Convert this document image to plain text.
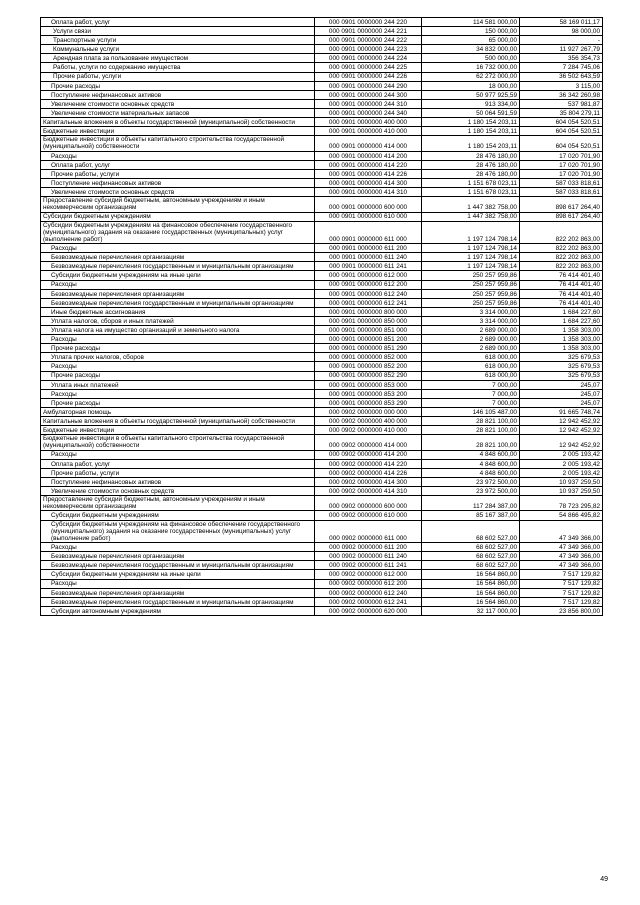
Оплата работ, услуг	000 0901 0000000 244 220	114 581 000,00	58 169 011,17
Услуги связи	000 0901 0000000 244 221	150 000,00	98 000,00
Транспортные услуги	000 0901 0000000 244 222	65 000,00	-
Коммунальные услуги	000 0901 0000000 244 223	34 832 000,00	11 927 267,79
Арендная плата за пользование имуществом	000 0901 0000000 244 224	500 000,00	356 354,73
Работы, услуги по содержанию имущества	000 0901 0000000 244 225	16 732 000,00	7 284 745,06
Прочие работы, услуги	000 0901 0000000 244 226	62 272 000,00	36 502 643,59
Прочие расходы	000 0901 0000000 244 290	18 000,00	3 115,00
Поступление нефинансовых активов	000 0901 0000000 244 300	50 977 925,59	36 342 260,98
Увеличение стоимости основных средств	000 0901 0000000 244 310	913 334,00	537 981,87
Увеличение стоимости материальных запасов	000 0901 0000000 244 340	50 064 591,59	35 804 279,11
Капитальные вложения в объекты государственной (муниципальной) собственности	000 0901 0000000 400 000	1 180 154 203,11	604 054 520,51
Бюджетные инвестиции	000 0901 0000000 410 000	1 180 154 203,11	604 054 520,51
Бюджетные инвестиции в объекты капитального строительства государственной (муниципальной) собственности	000 0901 0000000 414 000	1 180 154 203,11	604 054 520,51
Расходы	000 0901 0000000 414 200	28 476 180,00	17 020 701,90
Оплата работ, услуг	000 0901 0000000 414 220	28 476 180,00	17 020 701,90
Прочие работы, услуги	000 0901 0000000 414 226	28 476 180,00	17 020 701,90
Поступление нефинансовых активов	000 0901 0000000 414 300	1 151 678 023,11	587 033 818,61
Увеличение стоимости основных средств	000 0901 0000000 414 310	1 151 678 023,11	587 033 818,61
Предоставление субсидий бюджетным, автономным учреждениям и иным некоммерческим организациям	000 0901 0000000 600 000	1 447 382 758,00	898 617 264,40
Субсидии бюджетным учреждениям	000 0901 0000000 610 000	1 447 382 758,00	898 617 264,40
Субсидии бюджетным учреждениям на финансовое обеспечение государственного (муниципального) задания на оказание государственных (муниципальных) услуг (выполнение работ)	000 0901 0000000 611 000	1 197 124 798,14	822 202 863,00
Расходы	000 0901 0000000 611 200	1 197 124 798,14	822 202 863,00
Безвозмездные перечисления организациям	000 0901 0000000 611 240	1 197 124 798,14	822 202 863,00
Безвозмездные перечисления государственным и муниципальным организациям	000 0901 0000000 611 241	1 197 124 798,14	822 202 863,00
Субсидии бюджетным учреждениям на иные цели	000 0901 0000000 612 000	250 257 959,86	76 414 401,40
Расходы	000 0901 0000000 612 200	250 257 959,86	76 414 401,40
Безвозмездные перечисления организациям	000 0901 0000000 612 240	250 257 959,86	76 414 401,40
Безвозмездные перечисления государственным и муниципальным организациям	000 0901 0000000 612 241	250 257 959,86	76 414 401,40
Иные бюджетные ассигнования	000 0901 0000000 800 000	3 314 000,00	1 684 227,60
Уплата налогов, сборов и иных платежей	000 0901 0000000 850 000	3 314 000,00	1 684 227,60
Уплата налога на имущество организаций и земельного налога	000 0901 0000000 851 000	2 689 000,00	1 358 303,00
Расходы	000 0901 0000000 851 200	2 689 000,00	1 358 303,00
Прочие расходы	000 0901 0000000 851 290	2 689 000,00	1 358 303,00
Уплата прочих налогов, сборов	000 0901 0000000 852 000	618 000,00	325 679,53
Расходы	000 0901 0000000 852 200	618 000,00	325 679,53
Прочие расходы	000 0901 0000000 852 290	618 000,00	325 679,53
Уплата иных платежей	000 0901 0000000 853 000	7 000,00	245,07
Расходы	000 0901 0000000 853 200	7 000,00	245,07
Прочие расходы	000 0901 0000000 853 290	7 000,00	245,07
Амбулаторная помощь	000 0902 0000000 000 000	146 105 487,00	91 665 748,74
Капитальные вложения в объекты государственной (муниципальной) собственности	000 0902 0000000 400 000	28 821 100,00	12 942 452,92
Бюджетные инвестиции	000 0902 0000000 410 000	28 821 100,00	12 942 452,92
Бюджетные инвестиции в объекты капитального строительства государственной (муниципальной) собственности	000 0902 0000000 414 000	28 821 100,00	12 942 452,92
Расходы	000 0902 0000000 414 200	4 848 600,00	2 005 193,42
Оплата работ, услуг	000 0902 0000000 414 220	4 848 600,00	2 005 193,42
Прочие работы, услуги	000 0902 0000000 414 226	4 848 600,00	2 005 193,42
Поступление нефинансовых активов	000 0902 0000000 414 300	23 972 500,00	10 937 259,50
Увеличение стоимости основных средств	000 0902 0000000 414 310	23 972 500,00	10 937 259,50
Предоставление субсидий бюджетным, автономным учреждениям и иным некоммерческим организациям	000 0902 0000000 600 000	117 284 387,00	78 723 295,82
Субсидии бюджетным учреждениям	000 0902 0000000 610 000	85 167 387,00	54 866 495,82
Субсидии бюджетным учреждениям на финансовое обеспечение государственного (муниципального) задания на оказание государственных (муниципальных) услуг (выполнение работ)	000 0902 0000000 611 000	68 602 527,00	47 349 366,00
Расходы	000 0902 0000000 611 200	68 602 527,00	47 349 366,00
Безвозмездные перечисления организациям	000 0902 0000000 611 240	68 602 527,00	47 349 366,00
Безвозмездные перечисления государственным и муниципальным организациям	000 0902 0000000 611 241	68 602 527,00	47 349 366,00
Субсидии бюджетным учреждениям на иные цели	000 0902 0000000 612 000	16 564 860,00	7 517 129,82
Расходы	000 0902 0000000 612 200	16 564 860,00	7 517 129,82
Безвозмездные перечисления организациям	000 0902 0000000 612 240	16 564 860,00	7 517 129,82
Безвозмездные перечисления государственным и муниципальным организациям	000 0902 0000000 612 241	16 564 860,00	7 517 129,82
Субсидии автономным учреждениям	000 0902 0000000 620 000	32 117 000,00	23 856 800,00
49
